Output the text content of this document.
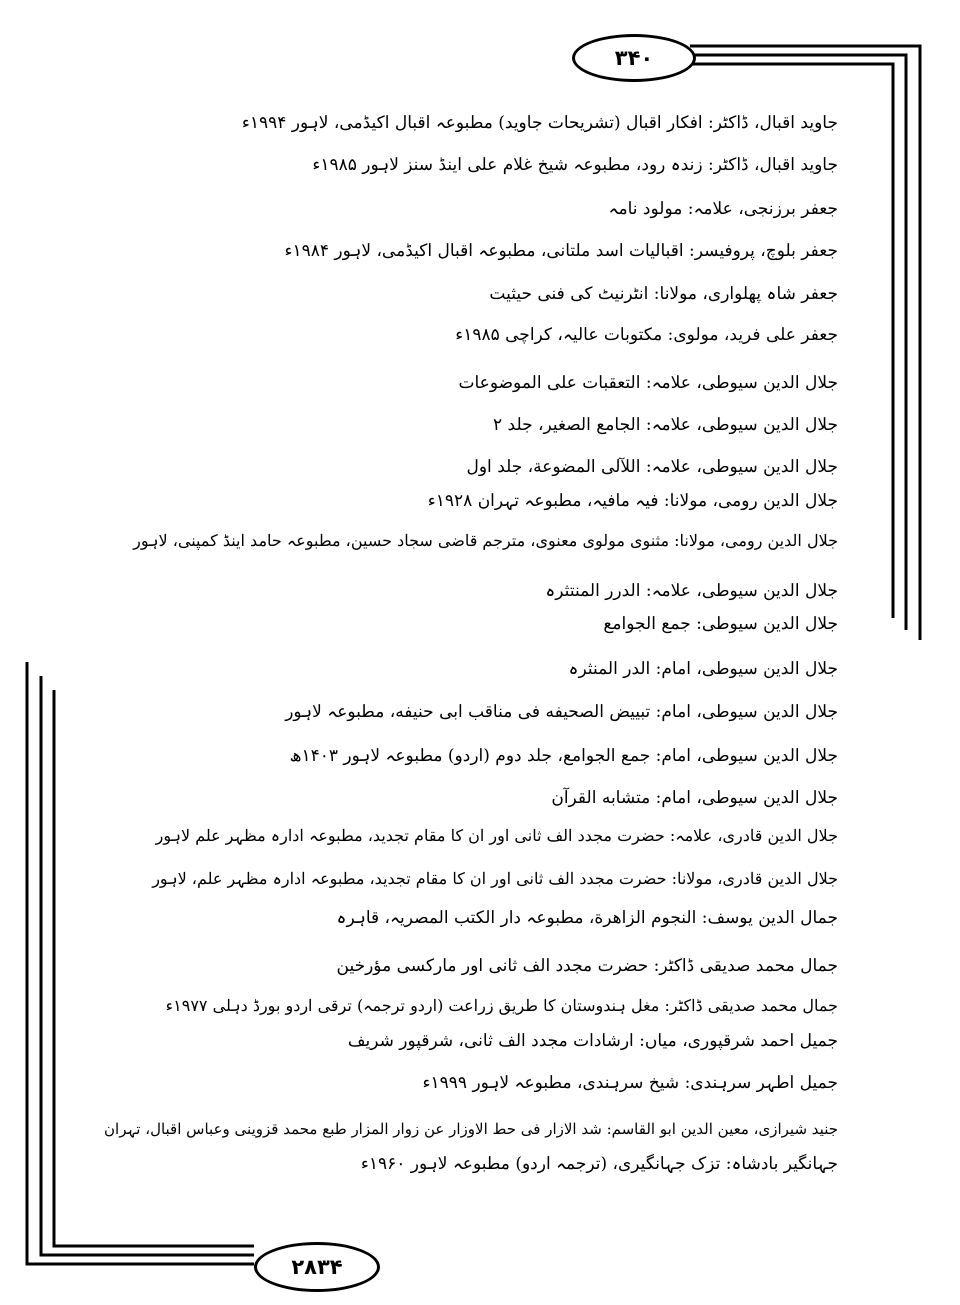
۳۴۰
۲۸۳۴
جاوید اقبال، ڈاکٹر: افکار اقبال (تشریحات جاوید) مطبوعہ اقبال اکیڈمی، لاہور ۱۹۹۴ء
جاوید اقبال، ڈاکٹر: زندہ رود، مطبوعہ شیخ غلام علی اینڈ سنز لاہور ۱۹۸۵ء
جعفر برزنجی، علامہ: مولود نامہ
جعفر بلوچ، پروفیسر: اقبالیات اسد ملتانی، مطبوعہ اقبال اکیڈمی، لاہور ۱۹۸۴ء
جعفر شاہ پھلواری، مولانا: انٹرنیٹ کی فنی حیثیت
جعفر علی فرید، مولوی: مکتوبات عالیہ، کراچی ۱۹۸۵ء
جلال الدین سیوطی، علامہ: التعقبات علی الموضوعات
جلال الدین سیوطی، علامہ: الجامع الصغیر، جلد ۲
جلال الدین سیوطی، علامہ: اللآلی المضوعة، جلد اول
جلال الدین رومی، مولانا: فیہ مافیہ، مطبوعہ تہران ۱۹۲۸ء
جلال الدین رومی، مولانا: مثنوی مولوی معنوی، مترجم قاضی سجاد حسین، مطبوعہ حامد اینڈ کمپنی، لاہور
جلال الدین سیوطی، علامہ: الدرر المنتثرہ
جلال الدین سیوطی: جمع الجوامع
جلال الدین سیوطی، امام: الدر المنثرہ
جلال الدین سیوطی، امام: تبییض الصحیفه فی مناقب ابی حنیفه، مطبوعہ لاہور
جلال الدین سیوطی، امام: جمع الجوامع، جلد دوم (اردو) مطبوعہ لاہور ۱۴۰۳ھ
جلال الدین سیوطی، امام: متشابه القرآن
جلال الدین قادری، علامہ: حضرت مجدد الف ثانی اور ان کا مقام تجدید، مطبوعہ ادارہ مظہر علم لاہور
جلال الدین قادری، مولانا: حضرت مجدد الف ثانی اور ان کا مقام تجدید، مطبوعہ ادارہ مظہر علم، لاہور
جمال الدین یوسف: النجوم الزاهرة، مطبوعہ دار الکتب المصریہ، قاہرہ
جمال محمد صدیقی ڈاکٹر: حضرت مجدد الف ثانی اور مارکسی مؤرخین
جمال محمد صدیقی ڈاکٹر: مغل ہندوستان کا طریق زراعت (اردو ترجمہ) ترقی اردو بورڈ دہلی ۱۹۷۷ء
جمیل احمد شرقپوری، میاں: ارشادات مجدد الف ثانی، شرقپور شریف
جمیل اطہر سرہندی: شیخ سرہندی، مطبوعہ لاہور ۱۹۹۹ء
جنید شیرازی، معین الدین ابو القاسم: شد الازار فی حط الاوزار عن زوار المزار طبع محمد قزوینی وعباس اقبال، تہران
جہانگیر بادشاہ: تزک جہانگیری، (ترجمہ اردو) مطبوعہ لاہور ۱۹۶۰ء
